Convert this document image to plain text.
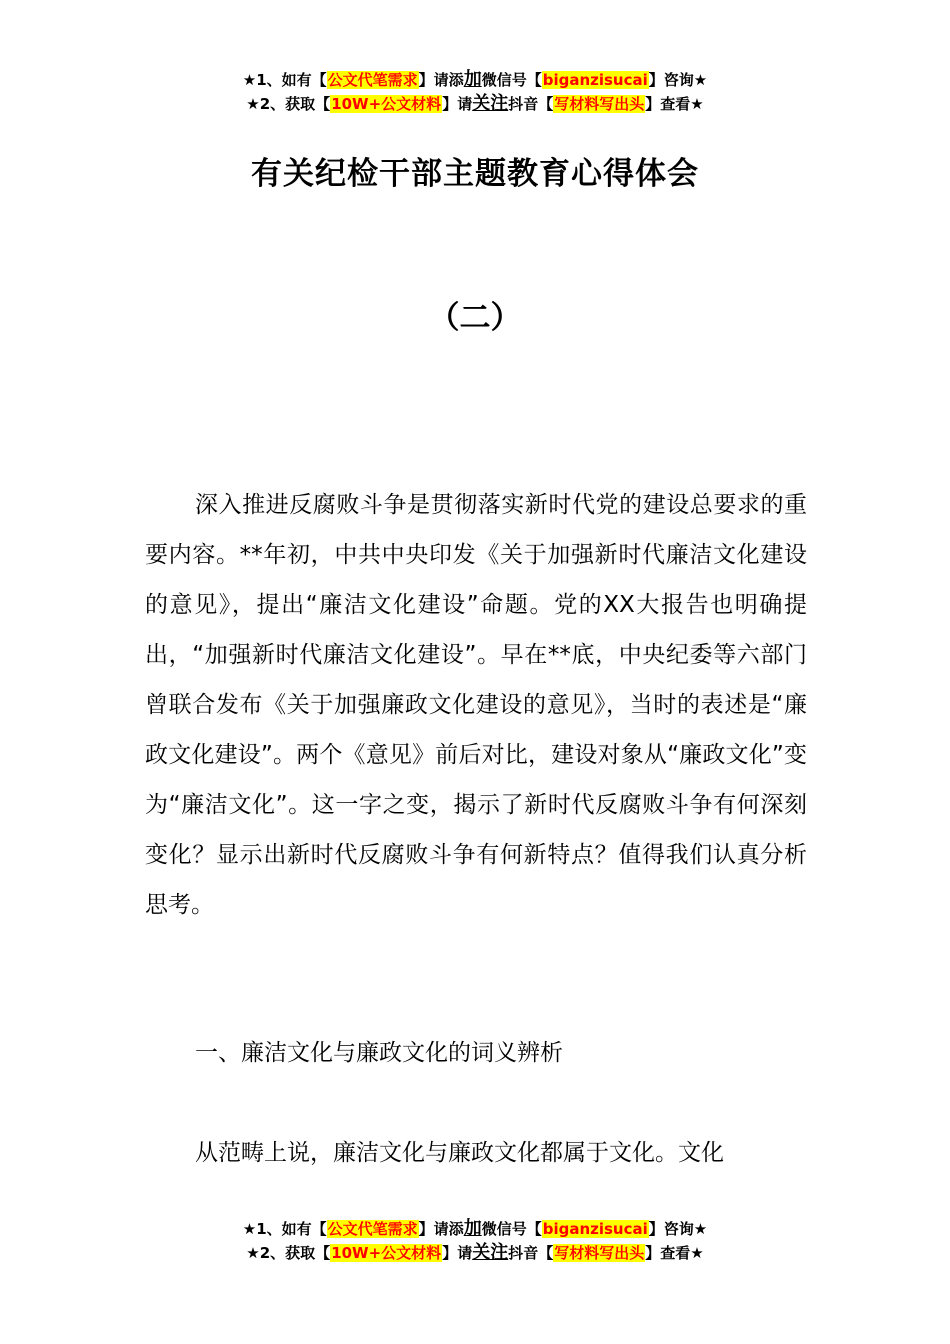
★1、如有【公文代笔需求】请添加微信号【biganzisucai】咨询★
★2、获取【10W+公文材料】请关注抖音【写材料写出头】查看★
有关纪检干部主题教育心得体会
（二）
深入推进反腐败斗争是贯彻落实新时代党的建设总要求的重要内容。**年初，中共中央印发《关于加强新时代廉洁文化建设的意见》，提出“廉洁文化建设”命题。党的XX大报告也明确提出，“加强新时代廉洁文化建设”。早在**底，中央纪委等六部门曾联合发布《关于加强廉政文化建设的意见》，当时的表述是“廉政文化建设”。两个《意见》前后对比，建设对象从“廉政文化”变为“廉洁文化”。这一字之变，揭示了新时代反腐败斗争有何深刻变化？显示出新时代反腐败斗争有何新特点？值得我们认真分析思考。
一、廉洁文化与廉政文化的词义辨析
从范畴上说，廉洁文化与廉政文化都属于文化。文化
★1、如有【公文代笔需求】请添加微信号【biganzisucai】咨询★
★2、获取【10W+公文材料】请关注抖音【写材料写出头】查看★
